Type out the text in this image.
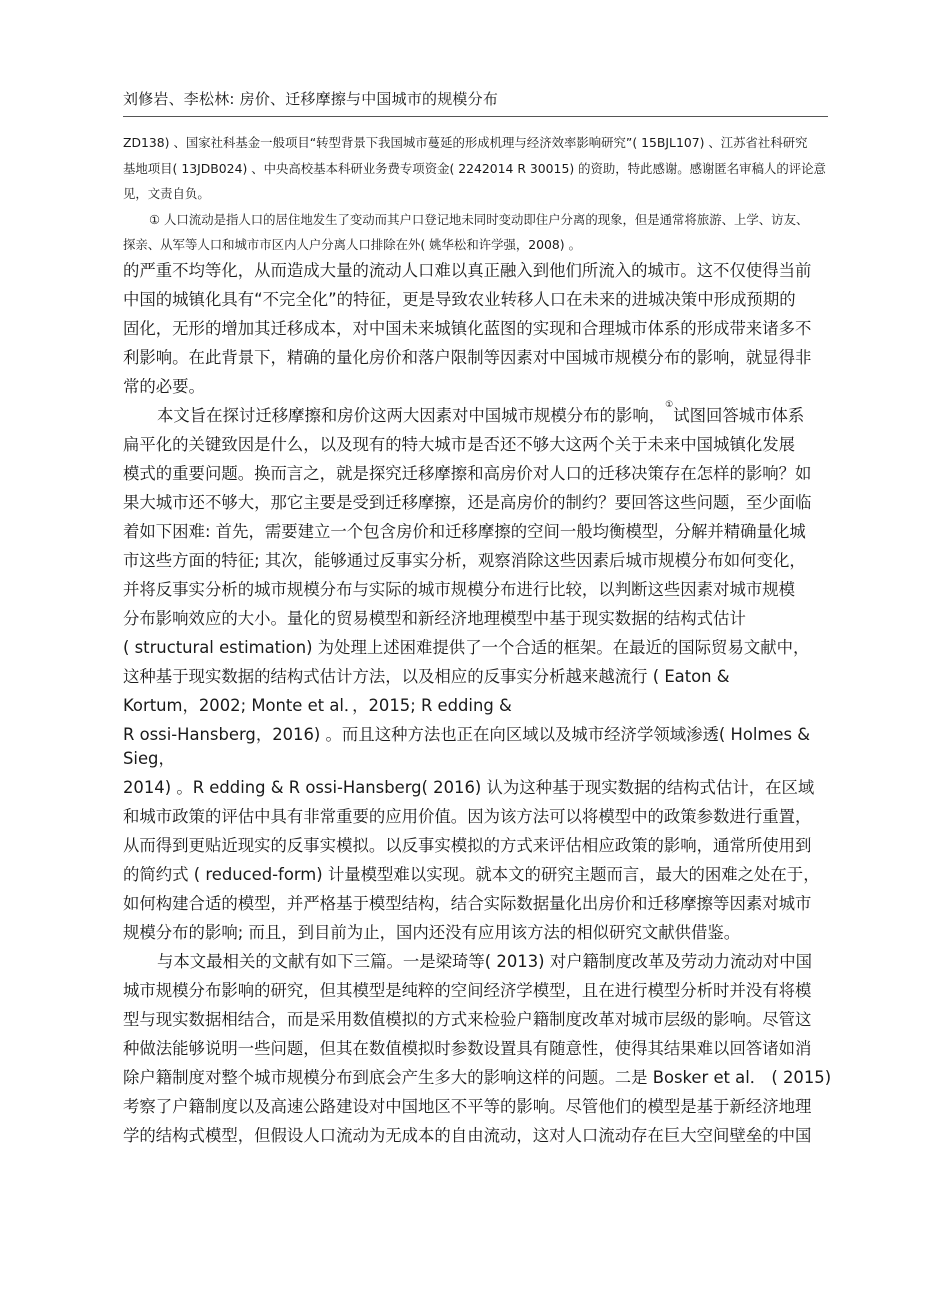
刘修岩、李松林: 房价、迁移摩擦与中国城市的规模分布
ZD138) 、国家社科基金一般项目“转型背景下我国城市蔓延的形成机理与经济效率影响研究”( 15BJL107) 、江苏省社科研究
基地项目( 13JDB024) 、中央高校基本科研业务费专项资金( 2242014 R 30015) 的资助，特此感谢。感谢匿名审稿人的评论意
见，文责自负。
① 人口流动是指人口的居住地发生了变动而其户口登记地未同时变动即住户分离的现象，但是通常将旅游、上学、访友、
探亲、从军等人口和城市市区内人户分离人口排除在外( 姚华松和许学强，2008) 。
的严重不均等化，从而造成大量的流动人口难以真正融入到他们所流入的城市。这不仅使得当前
中国的城镇化具有“不完全化”的特征，更是导致农业转移人口在未来的进城决策中形成预期的
固化，无形的增加其迁移成本，对中国未来城镇化蓝图的实现和合理城市体系的形成带来诸多不
利影响。在此背景下，精确的量化房价和落户限制等因素对中国城市规模分布的影响，就显得非
常的必要。
本文旨在探讨迁移摩擦和房价这两大因素对中国城市规模分布的影响，①试图回答城市体系
扁平化的关键致因是什么，以及现有的特大城市是否还不够大这两个关于未来中国城镇化发展
模式的重要问题。换而言之，就是探究迁移摩擦和高房价对人口的迁移决策存在怎样的影响？如
果大城市还不够大，那它主要是受到迁移摩擦，还是高房价的制约？要回答这些问题，至少面临
着如下困难: 首先，需要建立一个包含房价和迁移摩擦的空间一般均衡模型，分解并精确量化城
市这些方面的特征; 其次，能够通过反事实分析，观察消除这些因素后城市规模分布如何变化，
并将反事实分析的城市规模分布与实际的城市规模分布进行比较，以判断这些因素对城市规模
分布影响效应的大小。量化的贸易模型和新经济地理模型中基于现实数据的结构式估计
( structural estimation) 为处理上述困难提供了一个合适的框架。在最近的国际贸易文献中，
这种基于现实数据的结构式估计方法，以及相应的反事实分析越来越流行 ( Eaton &
Kortum，2002; Monte et al．，2015; R edding &
R ossi-Hansberg，2016) 。而且这种方法也正在向区域以及城市经济学领域渗透( Holmes &
Sieg，
2014) 。R edding & R ossi-Hansberg( 2016) 认为这种基于现实数据的结构式估计，在区域
和城市政策的评估中具有非常重要的应用价值。因为该方法可以将模型中的政策参数进行重置，
从而得到更贴近现实的反事实模拟。以反事实模拟的方式来评估相应政策的影响，通常所使用到
的简约式 ( reduced-form) 计量模型难以实现。就本文的研究主题而言，最大的困难之处在于，
如何构建合适的模型，并严格基于模型结构，结合实际数据量化出房价和迁移摩擦等因素对城市
规模分布的影响; 而且，到目前为止，国内还没有应用该方法的相似研究文献供借鉴。
与本文最相关的文献有如下三篇。一是梁琦等( 2013) 对户籍制度改革及劳动力流动对中国
城市规模分布影响的研究，但其模型是纯粹的空间经济学模型，且在进行模型分析时并没有将模
型与现实数据相结合，而是采用数值模拟的方式来检验户籍制度改革对城市层级的影响。尽管这
种做法能够说明一些问题，但其在数值模拟时参数设置具有随意性，使得其结果难以回答诸如消
除户籍制度对整个城市规模分布到底会产生多大的影响这样的问题。二是 Bosker et al． ( 2015)
考察了户籍制度以及高速公路建设对中国地区不平等的影响。尽管他们的模型是基于新经济地理
学的结构式模型，但假设人口流动为无成本的自由流动，这对人口流动存在巨大空间壁垒的中国
